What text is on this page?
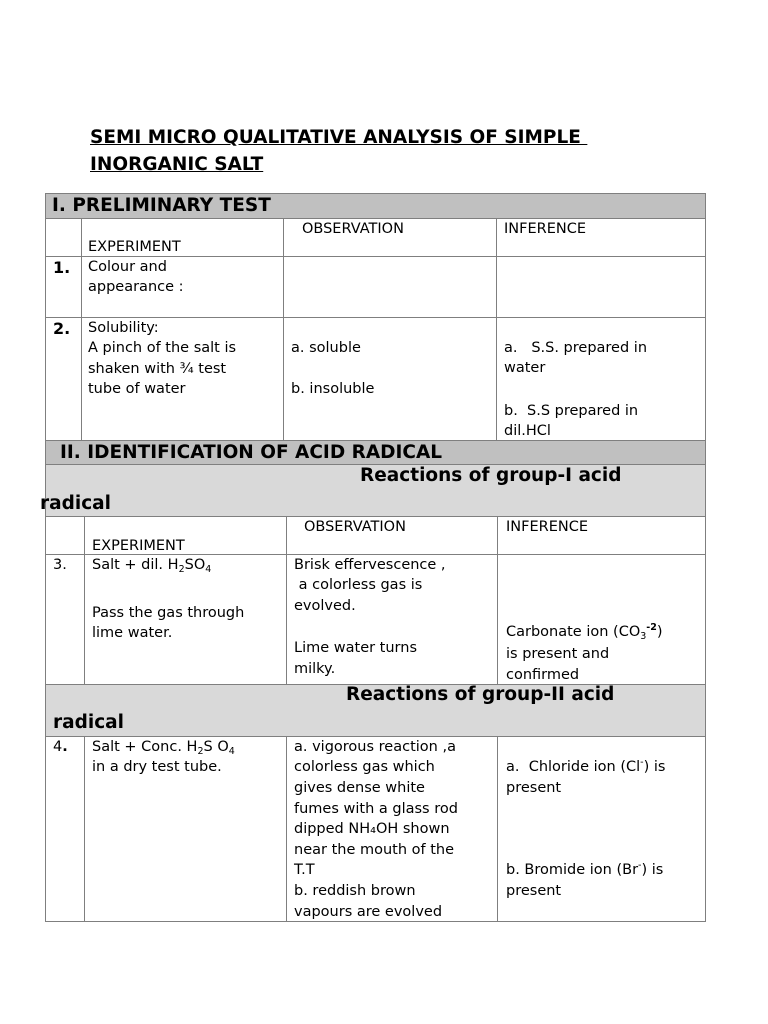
SEMI MICRO QUALITATIVE ANALYSIS OF SIMPLE
INORGANIC SALT
I. PRELIMINARY TEST
EXPERIMENT
OBSERVATION	INFERENCE
1. Colour and
appearance :
2. Solubility:
A pinch of the salt is
shaken with ¾ test
tube of water
a. soluble
b. insoluble
a.   S.S. prepared in
water
b.  S.S prepared in
dil.HCl
II. IDENTIFICATION OF ACID RADICAL
Reactions of group-I acid
radical
EXPERIMENT
OBSERVATION	INFERENCE
3. Salt + dil. $H_2SO_4$
Pass the gas through
lime water.
Brisk effervescence ,
a colorless gas is
evolved.
Lime water turns
milky.
Carbonate ion $(CO_3^{-2})$
is present and
confirmed
Reactions of group-II acid
radical
4. Salt + Conc. $H_2S$ $O_4$
in a dry test tube.
a. vigorous reaction ,a
colorless gas which
gives dense white
fumes with a glass rod
dipped NH₄OH shown
near the mouth of the
T.T
b. reddish brown
vapours are evolved
a.  Chloride ion (Cl-) is
present
b. Bromide ion (Br-) is
present
